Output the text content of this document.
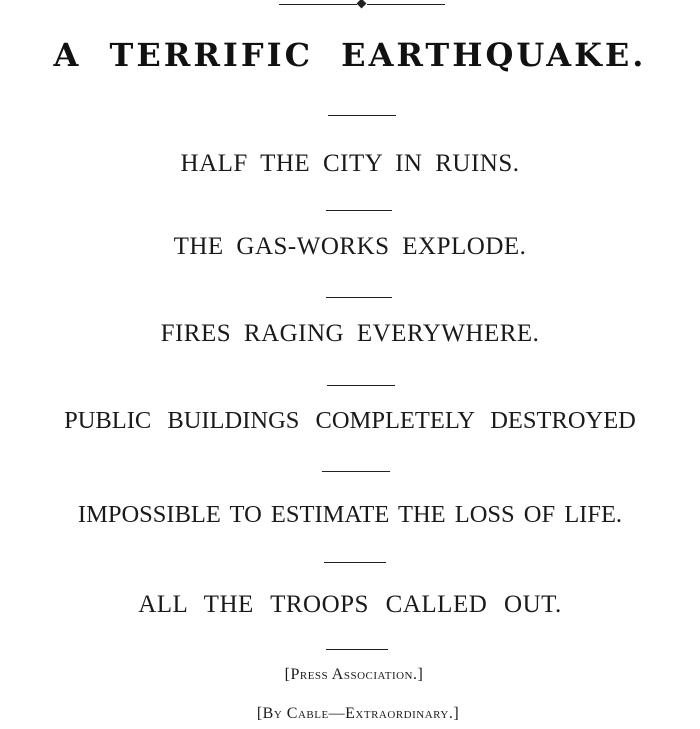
A TERRIFIC EARTHQUAKE.
HALF THE CITY IN RUINS.
THE GAS-WORKS EXPLODE.
FIRES RAGING EVERYWHERE.
PUBLIC BUILDINGS COMPLETELY DESTROYED
IMPOSSIBLE TO ESTIMATE THE LOSS OF LIFE.
ALL THE TROOPS CALLED OUT.
[Press Association.]
[By Cable—Extraordinary.]
